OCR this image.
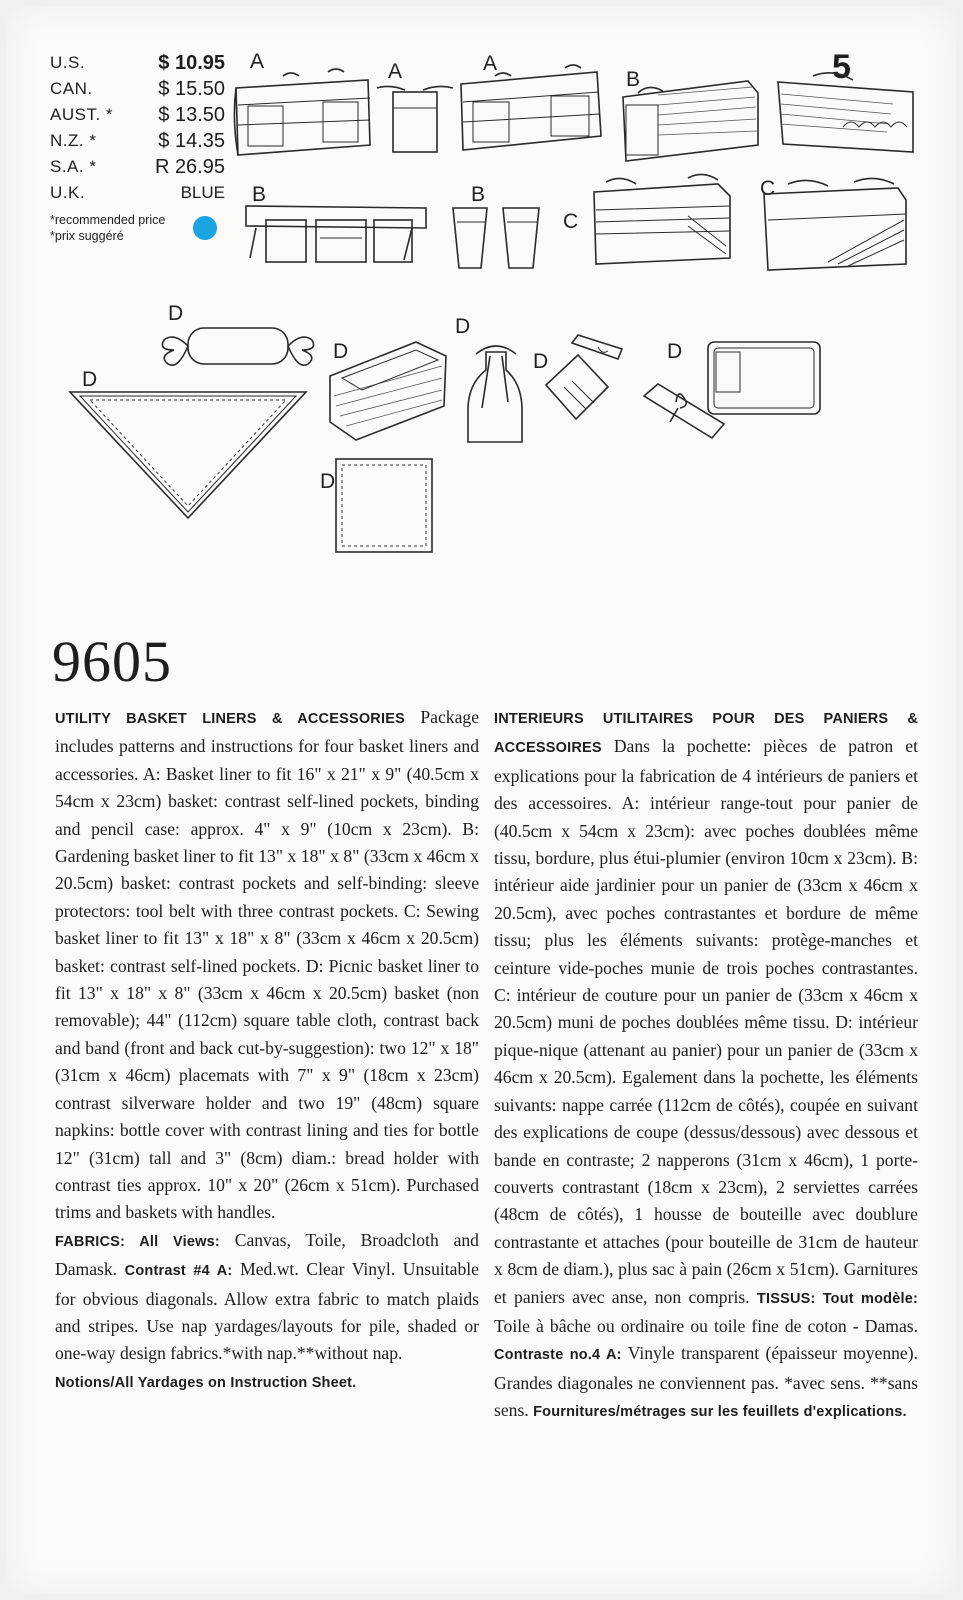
U.S.	$ 10.95
CAN.	$ 15.50
AUST. * $ 13.50
N.Z. *	$ 14.35
S.A. *	R 26.95
U.K.	BLUE
*recommended price
*prix suggéré
5
A	A	A
B
B	B
C
C
D
D
D
D
D	D
D
9605

UTILITY BASKET LINERS & ACCESSORIES Package includes patterns and instructions for four basket liners and accessories. A: Basket liner to fit 16" x 21" x 9" (40.5cm x 54cm x 23cm) basket: contrast self-lined pockets, binding and pencil case: approx. 4" x 9" (10cm x 23cm). B: Gardening basket liner to fit 13" x 18" x 8" (33cm x 46cm x 20.5cm) basket: contrast pockets and self-binding: sleeve protectors: tool belt with three contrast pockets. C: Sewing basket liner to fit 13" x 18" x 8" (33cm x 46cm x 20.5cm) basket: contrast self-lined pockets. D: Picnic basket liner to fit 13" x 18" x 8" (33cm x 46cm x 20.5cm) basket (non removable); 44" (112cm) square table cloth, contrast back and band (front and back cut-by-suggestion): two 12" x 18" (31cm x 46cm) placemats with 7" x 9" (18cm x 23cm) contrast silverware holder and two 19" (48cm) square napkins: bottle cover with contrast lining and ties for bottle 12" (31cm) tall and 3" (8cm) diam.: bread holder with contrast ties approx. 10" x 20" (26cm x 51cm). Purchased trims and baskets with handles.

FABRICS: All Views: Canvas, Toile, Broadcloth and Damask. Contrast #4 A: Med.wt. Clear Vinyl. Unsuitable for obvious diagonals. Allow extra fabric to match plaids and stripes. Use nap yardages/layouts for pile, shaded or one-way design fabrics.*with nap.**without nap.

Notions/All Yardages on Instruction Sheet.

INTERIEURS UTILITAIRES POUR DES PANIERS & ACCESSOIRES Dans la pochette: pièces de patron et explications pour la fabrication de 4 intérieurs de paniers et des accessoires. A: intérieur range-tout pour panier de (40.5cm x 54cm x 23cm): avec poches doublées même tissu, bordure, plus étui-plumier (environ 10cm x 23cm). B: intérieur aide jardinier pour un panier de (33cm x 46cm x 20.5cm), avec poches contrastantes et bordure de même tissu; plus les éléments suivants: protège-manches et ceinture vide-poches munie de trois poches contrastantes. C: intérieur de couture pour un panier de (33cm x 46cm x 20.5cm) muni de poches doublées même tissu. D: intérieur pique-nique (attenant au panier) pour un panier de (33cm x 46cm x 20.5cm). Egalement dans la pochette, les éléments suivants: nappe carrée (112cm de côtés), coupée en suivant des explications de coupe (dessus/dessous) avec dessous et bande en contraste; 2 napperons (31cm x 46cm), 1 porte-couverts contrastant (18cm x 23cm), 2 serviettes carrées (48cm de côtés), 1 housse de bouteille avec doublure contrastante et attaches (pour bouteille de 31cm de hauteur x 8cm de diam.), plus sac à pain (26cm x 51cm). Garnitures et paniers avec anse, non compris. TISSUS: Tout modèle: Toile à bâche ou ordinaire ou toile fine de coton - Damas. Contraste no.4 A: Vinyle transparent (épaisseur moyenne). Grandes diagonales ne conviennent pas. *avec sens. **sans sens. Fournitures/métrages sur les feuillets d'explications.
